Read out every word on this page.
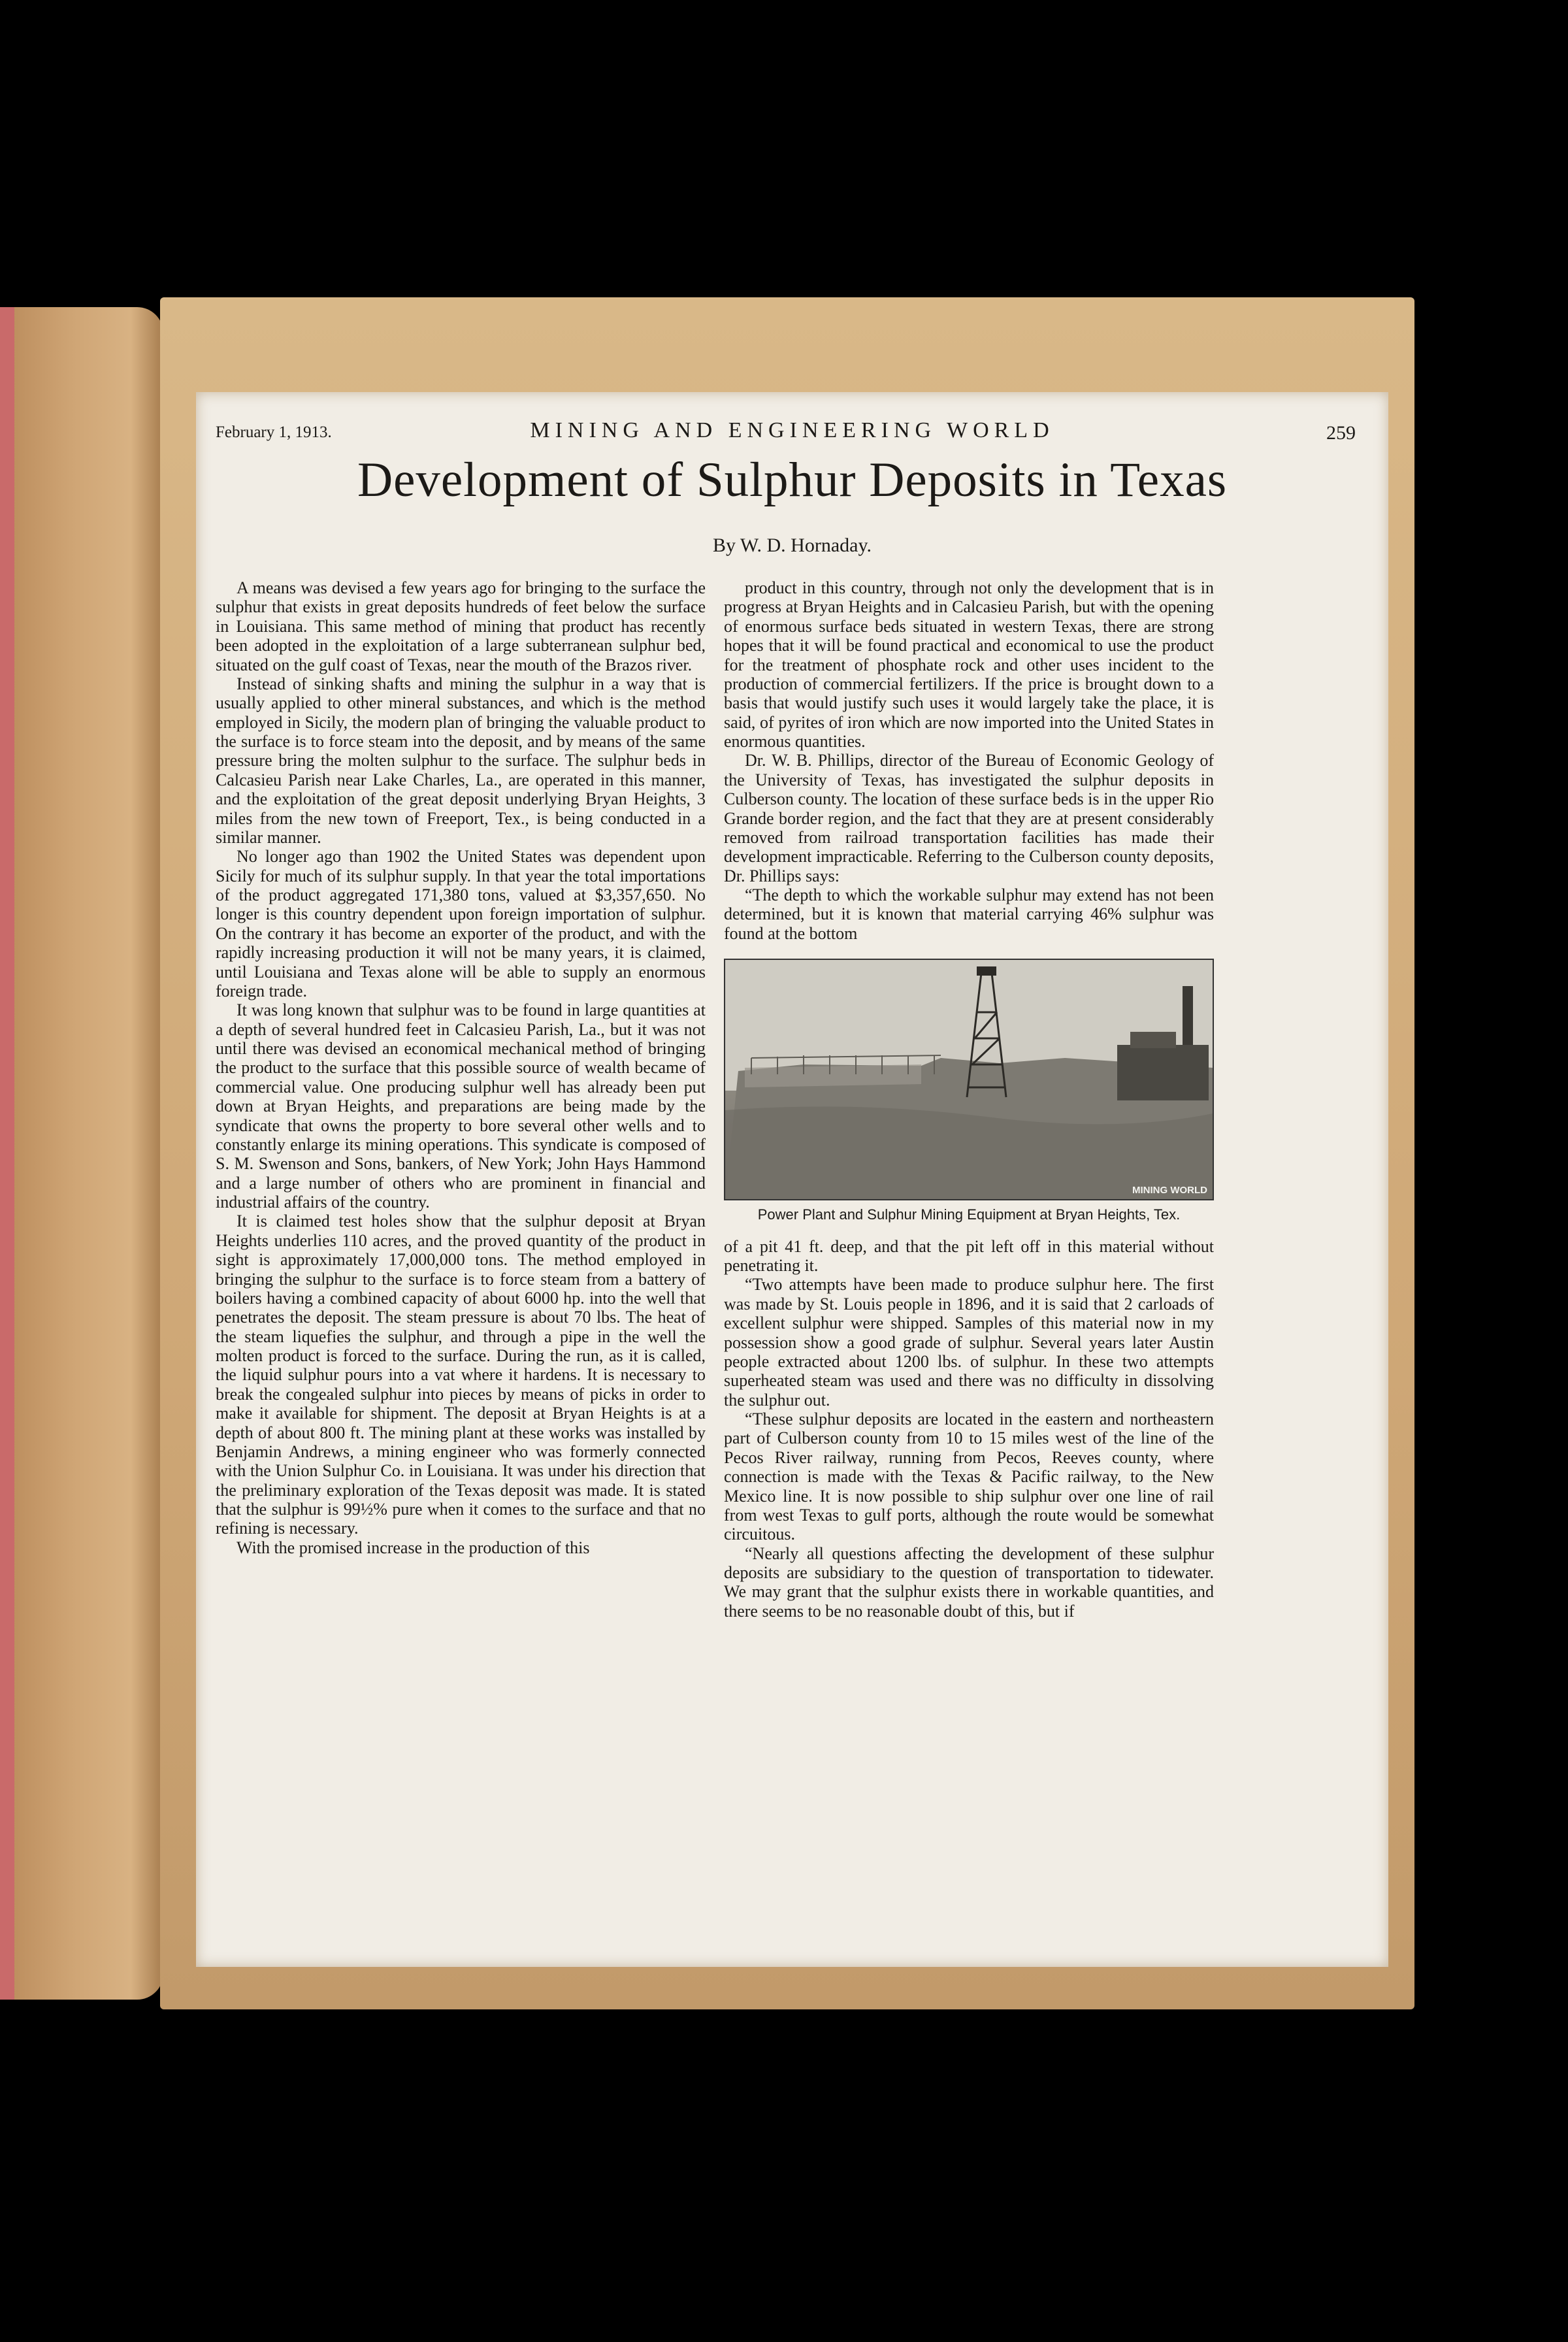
February 1, 1913.	MINING AND ENGINEERING WORLD	259
Development of Sulphur Deposits in Texas
By W. D. Hornaday.

A means was devised a few years ago for bringing to the surface the sulphur that exists in great deposits hundreds of feet below the surface in Louisiana. This same method of mining that product has recently been adopted in the exploitation of a large subterranean sulphur bed, situated on the gulf coast of Texas, near the mouth of the Brazos river.

Instead of sinking shafts and mining the sulphur in a way that is usually applied to other mineral substances, and which is the method employed in Sicily, the modern plan of bringing the valuable product to the surface is to force steam into the deposit, and by means of the same pressure bring the molten sulphur to the surface. The sulphur beds in Calcasieu Parish near Lake Charles, La., are operated in this manner, and the exploitation of the great deposit underlying Bryan Heights, 3 miles from the new town of Freeport, Tex., is being conducted in a similar manner.

No longer ago than 1902 the United States was dependent upon Sicily for much of its sulphur supply. In that year the total importations of the product aggregated 171,380 tons, valued at $3,357,650. No longer is this country dependent upon foreign importation of sulphur. On the contrary it has become an exporter of the product, and with the rapidly increasing production it will not be many years, it is claimed, until Louisiana and Texas alone will be able to supply an enormous foreign trade.

It was long known that sulphur was to be found in large quantities at a depth of several hundred feet in Calcasieu Parish, La., but it was not until there was devised an economical mechanical method of bringing the product to the surface that this possible source of wealth became of commercial value. One producing sulphur well has already been put down at Bryan Heights, and preparations are being made by the syndicate that owns the property to bore several other wells and to constantly enlarge its mining operations. This syndicate is composed of S. M. Swenson and Sons, bankers, of New York; John Hays Hammond and a large number of others who are prominent in financial and industrial affairs of the country.

It is claimed test holes show that the sulphur deposit at Bryan Heights underlies 110 acres, and the proved quantity of the product in sight is approximately 17,000,000 tons. The method employed in bringing the sulphur to the surface is to force steam from a battery of boilers having a combined capacity of about 6000 hp. into the well that penetrates the deposit. The steam pressure is about 70 lbs. The heat of the steam liquefies the sulphur, and through a pipe in the well the molten product is forced to the surface. During the run, as it is called, the liquid sulphur pours into a vat where it hardens. It is necessary to break the congealed sulphur into pieces by means of picks in order to make it available for shipment. The deposit at Bryan Heights is at a depth of about 800 ft. The mining plant at these works was installed by Benjamin Andrews, a mining engineer who was formerly connected with the Union Sulphur Co. in Louisiana. It was under his direction that the preliminary exploration of the Texas deposit was made. It is stated that the sulphur is 99½% pure when it comes to the surface and that no refining is necessary.

With the promised increase in the production of this

product in this country, through not only the development that is in progress at Bryan Heights and in Calcasieu Parish, but with the opening of enormous surface beds situated in western Texas, there are strong hopes that it will be found practical and economical to use the product for the treatment of phosphate rock and other uses incident to the production of commercial fertilizers. If the price is brought down to a basis that would justify such uses it would largely take the place, it is said, of pyrites of iron which are now imported into the United States in enormous quantities.

Dr. W. B. Phillips, director of the Bureau of Economic Geology of the University of Texas, has investigated the sulphur deposits in Culberson county. The location of these surface beds is in the upper Rio Grande border region, and the fact that they are at present considerably removed from railroad transportation facilities has made their development impracticable. Referring to the Culberson county deposits, Dr. Phillips says:

“The depth to which the workable sulphur may extend has not been determined, but it is known that material carrying 46% sulphur was found at the bottom

MINING WORLD
Power Plant and Sulphur Mining Equipment at Bryan Heights, Tex.

of a pit 41 ft. deep, and that the pit left off in this material without penetrating it.

“Two attempts have been made to produce sulphur here. The first was made by St. Louis people in 1896, and it is said that 2 carloads of excellent sulphur were shipped. Samples of this material now in my possession show a good grade of sulphur. Several years later Austin people extracted about 1200 lbs. of sulphur. In these two attempts superheated steam was used and there was no difficulty in dissolving the sulphur out.

“These sulphur deposits are located in the eastern and northeastern part of Culberson county from 10 to 15 miles west of the line of the Pecos River railway, running from Pecos, Reeves county, where connection is made with the Texas & Pacific railway, to the New Mexico line. It is now possible to ship sulphur over one line of rail from west Texas to gulf ports, although the route would be somewhat circuitous.

“Nearly all questions affecting the development of these sulphur deposits are subsidiary to the question of transportation to tidewater. We may grant that the sulphur exists there in workable quantities, and there seems to be no reasonable doubt of this, but if
